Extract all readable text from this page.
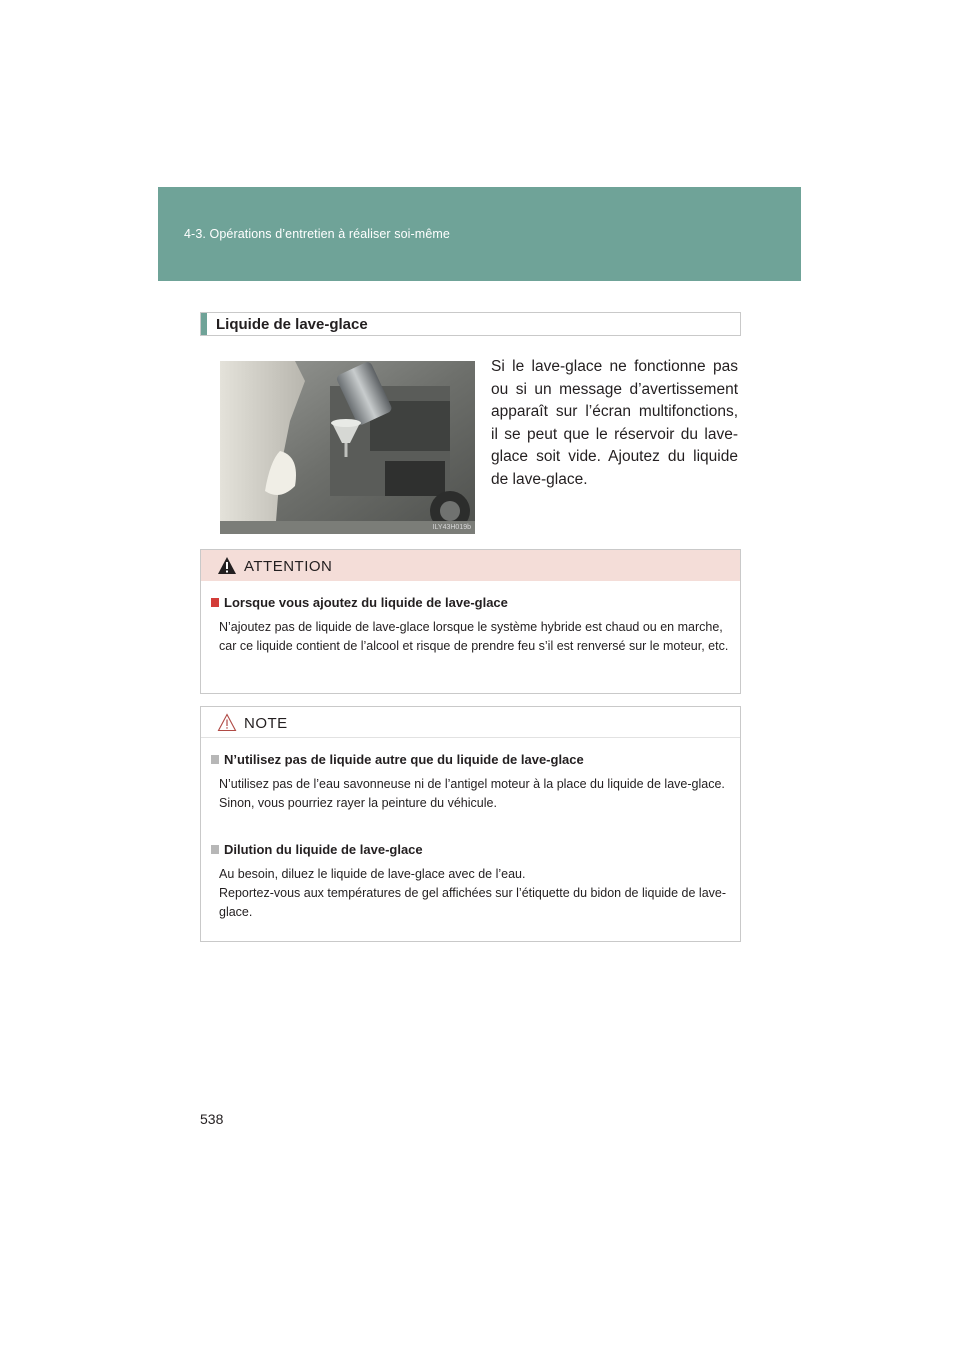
4-3. Opérations d’entretien à réaliser soi-même
Liquide de lave-glace
ILY43H019b
Si le lave-glace ne fonctionne pas ou si un message d’avertissement apparaît sur l’écran multifonctions, il se peut que le réservoir du lave-glace soit vide. Ajoutez du liquide de lave-glace.
ATTENTION
Lorsque vous ajoutez du liquide de lave-glace

N’ajoutez pas de liquide de lave-glace lorsque le système hybride est chaud ou en marche, car ce liquide contient de l’alcool et risque de prendre feu s’il est renversé sur le moteur, etc.

NOTE
N’utilisez pas de liquide autre que du liquide de lave-glace

N’utilisez pas de l’eau savonneuse ni de l’antigel moteur à la place du liquide de lave-glace.

Sinon, vous pourriez rayer la peinture du véhicule.

Dilution du liquide de lave-glace

Au besoin, diluez le liquide de lave-glace avec de l’eau.

Reportez-vous aux températures de gel affichées sur l’étiquette du bidon de liquide de lave-glace.

538
